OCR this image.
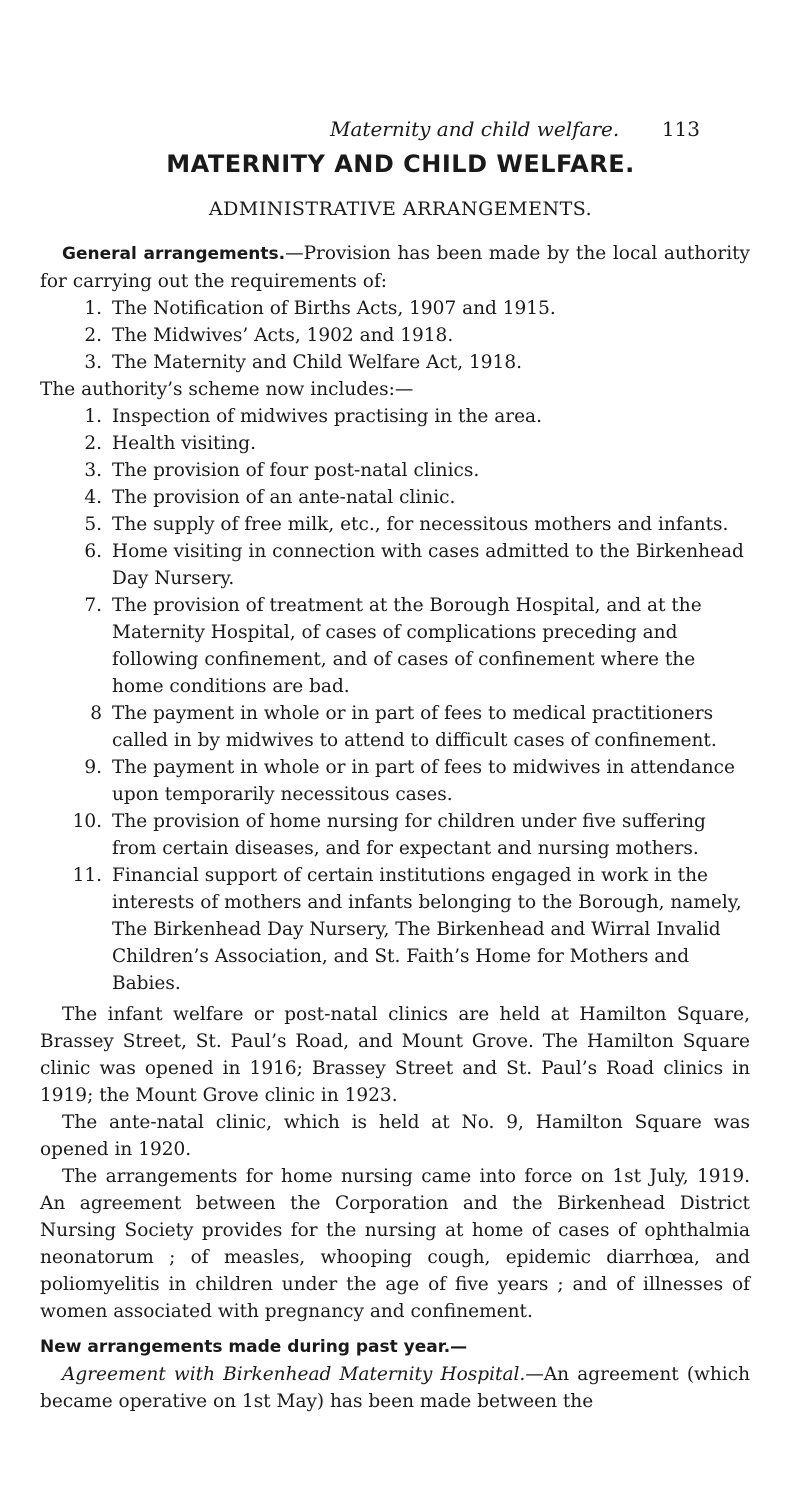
Maternity and child welfare. 113
MATERNITY AND CHILD WELFARE.
ADMINISTRATIVE ARRANGEMENTS.

General arrangements.—Provision has been made by the local authority for carrying out the requirements of:

1. The Notification of Births Acts, 1907 and 1915.
2. The Midwives’ Acts, 1902 and 1918.
3. The Maternity and Child Welfare Act, 1918.

The authority’s scheme now includes:—

1. Inspection of midwives practising in the area.
2. Health visiting.
3. The provision of four post-natal clinics.
4. The provision of an ante-natal clinic.
5. The supply of free milk, etc., for necessitous mothers and infants.
6. Home visiting in connection with cases admitted to the Birkenhead Day Nursery.
7. The provision of treatment at the Borough Hospital, and at the Maternity Hospital, of cases of complications preceding and following confinement, and of cases of confinement where the home conditions are bad.
8 The payment in whole or in part of fees to medical practitioners called in by midwives to attend to difficult cases of confinement.
9. The payment in whole or in part of fees to midwives in attendance upon temporarily necessitous cases.
10. The provision of home nursing for children under five suffering from certain diseases, and for expectant and nursing mothers.
11. Financial support of certain institutions engaged in work in the interests of mothers and infants belonging to the Borough, namely, The Birkenhead Day Nursery, The Birkenhead and Wirral Invalid Children’s Association, and St. Faith’s Home for Mothers and Babies.

The infant welfare or post-natal clinics are held at Hamilton Square, Brassey Street, St. Paul’s Road, and Mount Grove. The Hamilton Square clinic was opened in 1916; Brassey Street and St. Paul’s Road clinics in 1919; the Mount Grove clinic in 1923.

The ante-natal clinic, which is held at No. 9, Hamilton Square was opened in 1920.

The arrangements for home nursing came into force on 1st July, 1919. An agreement between the Corporation and the Birkenhead District Nursing Society provides for the nursing at home of cases of ophthalmia neonatorum ; of measles, whooping cough, epidemic diarrhœa, and poliomyelitis in children under the age of five years ; and of illnesses of women associated with pregnancy and confinement.

New arrangements made during past year.—

Agreement with Birkenhead Maternity Hospital.—An agreement (which became operative on 1st May) has been made between the
